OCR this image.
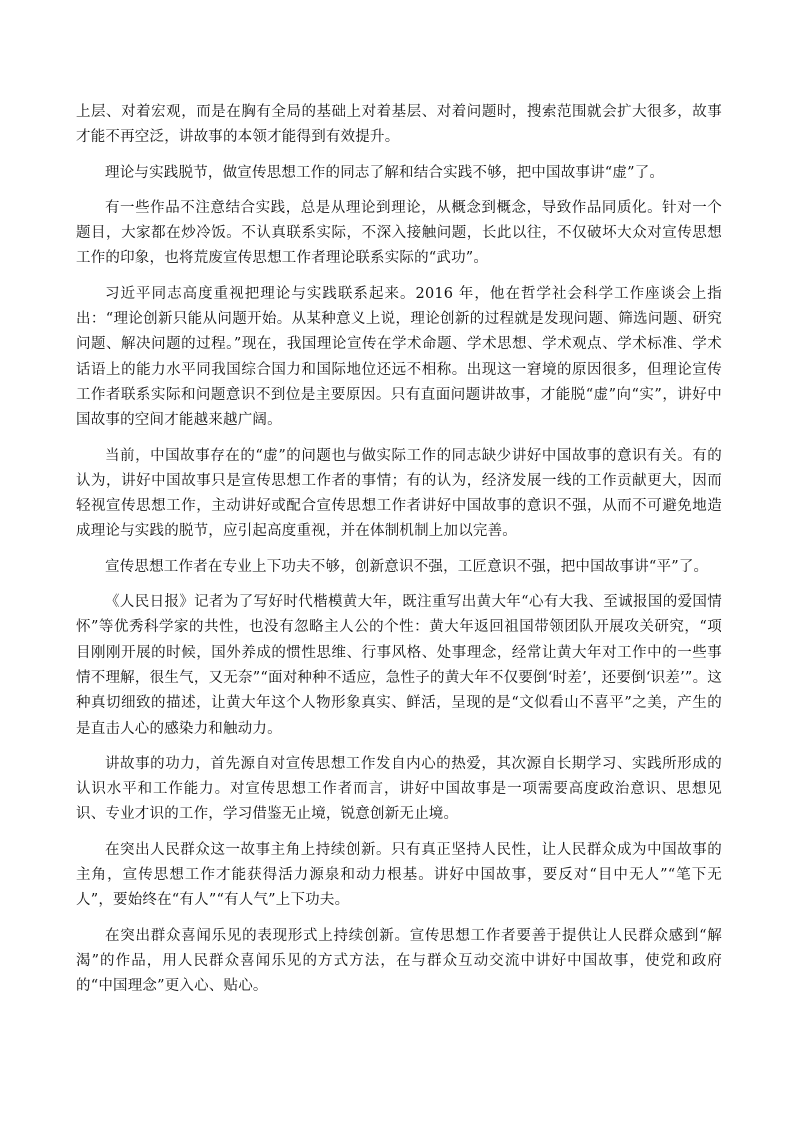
上层、对着宏观，而是在胸有全局的基础上对着基层、对着问题时，搜索范围就会扩大很多，故事才能不再空泛，讲故事的本领才能得到有效提升。

理论与实践脱节，做宣传思想工作的同志了解和结合实践不够，把中国故事讲“虚”了。

有一些作品不注意结合实践，总是从理论到理论，从概念到概念，导致作品同质化。针对一个题目，大家都在炒冷饭。不认真联系实际，不深入接触问题，长此以往，不仅破坏大众对宣传思想工作的印象，也将荒废宣传思想工作者理论联系实际的“武功”。

习近平同志高度重视把理论与实践联系起来。2016 年，他在哲学社会科学工作座谈会上指出：“理论创新只能从问题开始。从某种意义上说，理论创新的过程就是发现问题、筛选问题、研究问题、解决问题的过程。”现在，我国理论宣传在学术命题、学术思想、学术观点、学术标准、学术话语上的能力水平同我国综合国力和国际地位还远不相称。出现这一窘境的原因很多，但理论宣传工作者联系实际和问题意识不到位是主要原因。只有直面问题讲故事，才能脱“虚”向“实”，讲好中国故事的空间才能越来越广阔。

当前，中国故事存在的“虚”的问题也与做实际工作的同志缺少讲好中国故事的意识有关。有的认为，讲好中国故事只是宣传思想工作者的事情；有的认为，经济发展一线的工作贡献更大，因而轻视宣传思想工作，主动讲好或配合宣传思想工作者讲好中国故事的意识不强，从而不可避免地造成理论与实践的脱节，应引起高度重视，并在体制机制上加以完善。

宣传思想工作者在专业上下功夫不够，创新意识不强，工匠意识不强，把中国故事讲“平”了。

《人民日报》记者为了写好时代楷模黄大年，既注重写出黄大年“心有大我、至诚报国的爱国情怀”等优秀科学家的共性，也没有忽略主人公的个性：黄大年返回祖国带领团队开展攻关研究，“项目刚刚开展的时候，国外养成的惯性思维、行事风格、处事理念，经常让黄大年对工作中的一些事情不理解，很生气，又无奈”“面对种种不适应，急性子的黄大年不仅要倒‘时差’，还要倒‘识差’”。这种真切细致的描述，让黄大年这个人物形象真实、鲜活，呈现的是“文似看山不喜平”之美，产生的是直击人心的感染力和触动力。

讲故事的功力，首先源自对宣传思想工作发自内心的热爱，其次源自长期学习、实践所形成的认识水平和工作能力。对宣传思想工作者而言，讲好中国故事是一项需要高度政治意识、思想见识、专业才识的工作，学习借鉴无止境，锐意创新无止境。

在突出人民群众这一故事主角上持续创新。只有真正坚持人民性，让人民群众成为中国故事的主角，宣传思想工作才能获得活力源泉和动力根基。讲好中国故事，要反对“目中无人”“笔下无人”，要始终在“有人”“有人气”上下功夫。

在突出群众喜闻乐见的表现形式上持续创新。宣传思想工作者要善于提供让人民群众感到“解渴”的作品，用人民群众喜闻乐见的方式方法，在与群众互动交流中讲好中国故事，使党和政府的“中国理念”更入心、贴心。
